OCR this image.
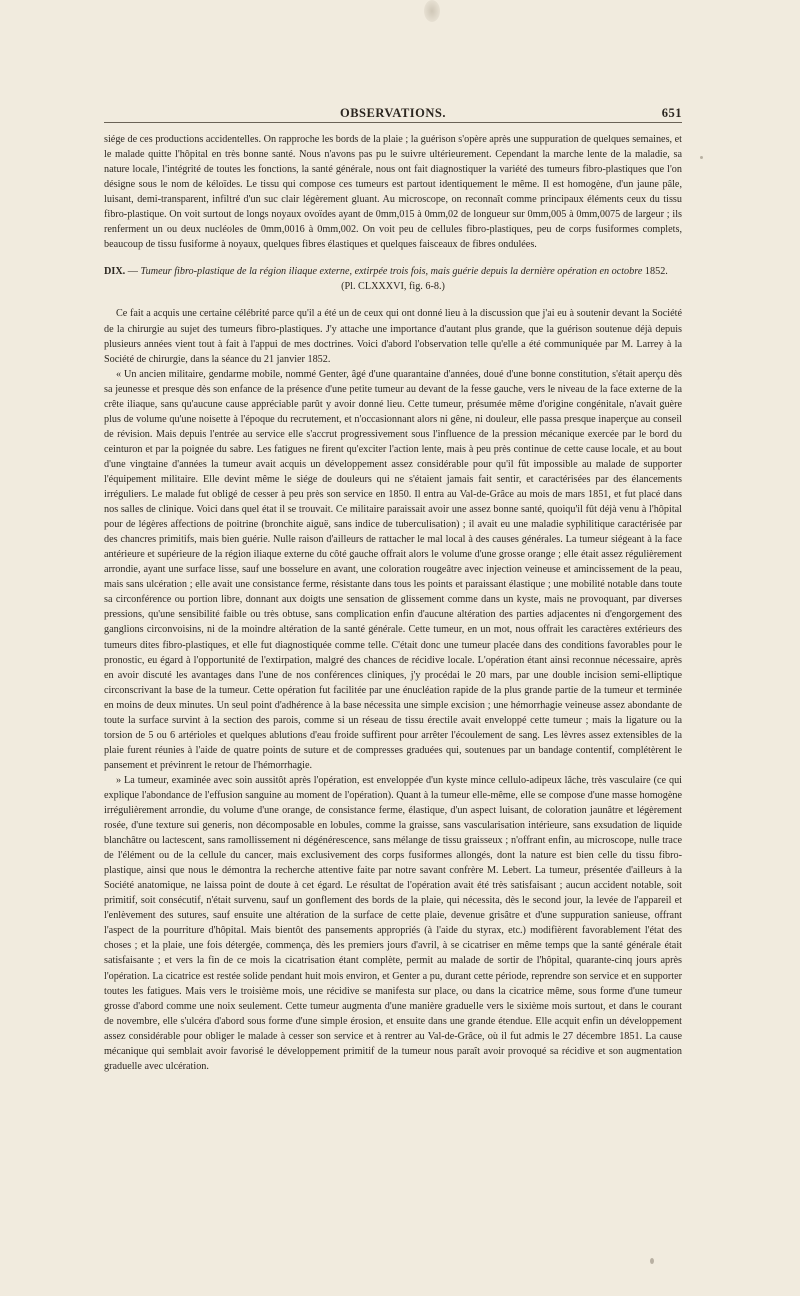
OBSERVATIONS.	651

siége de ces productions accidentelles. On rapproche les bords de la plaie ; la guérison s'opère après une suppuration de quelques semaines, et le malade quitte l'hôpital en très bonne santé. Nous n'avons pas pu le suivre ultérieurement. Cependant la marche lente de la maladie, sa nature locale, l'intégrité de toutes les fonctions, la santé générale, nous ont fait diagnostiquer la variété des tumeurs fibro-plastiques que l'on désigne sous le nom de kéloïdes. Le tissu qui compose ces tumeurs est partout identiquement le même. Il est homogène, d'un jaune pâle, luisant, demi-transparent, infiltré d'un suc clair légèrement gluant. Au microscope, on reconnaît comme principaux éléments ceux du tissu fibro-plastique. On voit surtout de longs noyaux ovoïdes ayant de 0mm,015 à 0mm,02 de longueur sur 0mm,005 à 0mm,0075 de largeur ; ils renferment un ou deux nucléoles de 0mm,0016 à 0mm,002. On voit peu de cellules fibro-plastiques, peu de corps fusiformes complets, beaucoup de tissu fusiforme à noyaux, quelques fibres élastiques et quelques faisceaux de fibres ondulées.

DIX. — Tumeur fibro-plastique de la région iliaque externe, extirpée trois fois, mais guérie depuis la dernière opération en octobre 1852.

(Pl. CLXXXVI, fig. 6-8.)

Ce fait a acquis une certaine célébrité parce qu'il a été un de ceux qui ont donné lieu à la discussion que j'ai eu à soutenir devant la Société de la chirurgie au sujet des tumeurs fibro-plastiques. J'y attache une importance d'autant plus grande, que la guérison soutenue déjà depuis plusieurs années vient tout à fait à l'appui de mes doctrines. Voici d'abord l'observation telle qu'elle a été communiquée par M. Larrey à la Société de chirurgie, dans la séance du 21 janvier 1852.

« Un ancien militaire, gendarme mobile, nommé Genter, âgé d'une quarantaine d'années, doué d'une bonne constitution, s'était aperçu dès sa jeunesse et presque dès son enfance de la présence d'une petite tumeur au devant de la fesse gauche, vers le niveau de la face externe de la crête iliaque, sans qu'aucune cause appréciable parût y avoir donné lieu. Cette tumeur, présumée même d'origine congénitale, n'avait guère plus de volume qu'une noisette à l'époque du recrutement, et n'occasionnant alors ni gêne, ni douleur, elle passa presque inaperçue au conseil de révision. Mais depuis l'entrée au service elle s'accrut progressivement sous l'influence de la pression mécanique exercée par le bord du ceinturon et par la poignée du sabre. Les fatigues ne firent qu'exciter l'action lente, mais à peu près continue de cette cause locale, et au bout d'une vingtaine d'années la tumeur avait acquis un développement assez considérable pour qu'il fût impossible au malade de supporter l'équipement militaire. Elle devint même le siége de douleurs qui ne s'étaient jamais fait sentir, et caractérisées par des élancements irréguliers. Le malade fut obligé de cesser à peu près son service en 1850. Il entra au Val-de-Grâce au mois de mars 1851, et fut placé dans nos salles de clinique. Voici dans quel état il se trouvait. Ce militaire paraissait avoir une assez bonne santé, quoiqu'il fût déjà venu à l'hôpital pour de légères affections de poitrine (bronchite aiguë, sans indice de tuberculisation) ; il avait eu une maladie syphilitique caractérisée par des chancres primitifs, mais bien guérie. Nulle raison d'ailleurs de rattacher le mal local à des causes générales. La tumeur siégeant à la face antérieure et supérieure de la région iliaque externe du côté gauche offrait alors le volume d'une grosse orange ; elle était assez régulièrement arrondie, ayant une surface lisse, sauf une bosselure en avant, une coloration rougeâtre avec injection veineuse et amincissement de la peau, mais sans ulcération ; elle avait une consistance ferme, résistante dans tous les points et paraissant élastique ; une mobilité notable dans toute sa circonférence ou portion libre, donnant aux doigts une sensation de glissement comme dans un kyste, mais ne provoquant, par diverses pressions, qu'une sensibilité faible ou très obtuse, sans complication enfin d'aucune altération des parties adjacentes ni d'engorgement des ganglions circonvoisins, ni de la moindre altération de la santé générale. Cette tumeur, en un mot, nous offrait les caractères extérieurs des tumeurs dites fibro-plastiques, et elle fut diagnostiquée comme telle. C'était donc une tumeur placée dans des conditions favorables pour le pronostic, eu égard à l'opportunité de l'extirpation, malgré des chances de récidive locale. L'opération étant ainsi reconnue nécessaire, après en avoir discuté les avantages dans l'une de nos conférences cliniques, j'y procédai le 20 mars, par une double incision semi-elliptique circonscrivant la base de la tumeur. Cette opération fut facilitée par une énucléation rapide de la plus grande partie de la tumeur et terminée en moins de deux minutes. Un seul point d'adhérence à la base nécessita une simple excision ; une hémorrhagie veineuse assez abondante de toute la surface survint à la section des parois, comme si un réseau de tissu érectile avait enveloppé cette tumeur ; mais la ligature ou la torsion de 5 ou 6 artérioles et quelques ablutions d'eau froide suffirent pour arrêter l'écoulement de sang. Les lèvres assez extensibles de la plaie furent réunies à l'aide de quatre points de suture et de compresses graduées qui, soutenues par un bandage contentif, complétèrent le pansement et prévinrent le retour de l'hémorrhagie.

» La tumeur, examinée avec soin aussitôt après l'opération, est enveloppée d'un kyste mince cellulo-adipeux lâche, très vasculaire (ce qui explique l'abondance de l'effusion sanguine au moment de l'opération). Quant à la tumeur elle-même, elle se compose d'une masse homogène irrégulièrement arrondie, du volume d'une orange, de consistance ferme, élastique, d'un aspect luisant, de coloration jaunâtre et légèrement rosée, d'une texture sui generis, non décomposable en lobules, comme la graisse, sans vascularisation intérieure, sans exsudation de liquide blanchâtre ou lactescent, sans ramollissement ni dégénérescence, sans mélange de tissu graisseux ; n'offrant enfin, au microscope, nulle trace de l'élément ou de la cellule du cancer, mais exclusivement des corps fusiformes allongés, dont la nature est bien celle du tissu fibro-plastique, ainsi que nous le démontra la recherche attentive faite par notre savant confrère M. Lebert. La tumeur, présentée d'ailleurs à la Société anatomique, ne laissa point de doute à cet égard. Le résultat de l'opération avait été très satisfaisant ; aucun accident notable, soit primitif, soit consécutif, n'était survenu, sauf un gonflement des bords de la plaie, qui nécessita, dès le second jour, la levée de l'appareil et l'enlèvement des sutures, sauf ensuite une altération de la surface de cette plaie, devenue grisâtre et d'une suppuration sanieuse, offrant l'aspect de la pourriture d'hôpital. Mais bientôt des pansements appropriés (à l'aide du styrax, etc.) modifièrent favorablement l'état des choses ; et la plaie, une fois détergée, commença, dès les premiers jours d'avril, à se cicatriser en même temps que la santé générale était satisfaisante ; et vers la fin de ce mois la cicatrisation étant complète, permit au malade de sortir de l'hôpital, quarante-cinq jours après l'opération. La cicatrice est restée solide pendant huit mois environ, et Genter a pu, durant cette période, reprendre son service et en supporter toutes les fatigues. Mais vers le troisième mois, une récidive se manifesta sur place, ou dans la cicatrice même, sous forme d'une tumeur grosse d'abord comme une noix seulement. Cette tumeur augmenta d'une manière graduelle vers le sixième mois surtout, et dans le courant de novembre, elle s'ulcéra d'abord sous forme d'une simple érosion, et ensuite dans une grande étendue. Elle acquit enfin un développement assez considérable pour obliger le malade à cesser son service et à rentrer au Val-de-Grâce, où il fut admis le 27 décembre 1851. La cause mécanique qui semblait avoir favorisé le développement primitif de la tumeur nous paraît avoir provoqué sa récidive et son augmentation graduelle avec ulcération.
